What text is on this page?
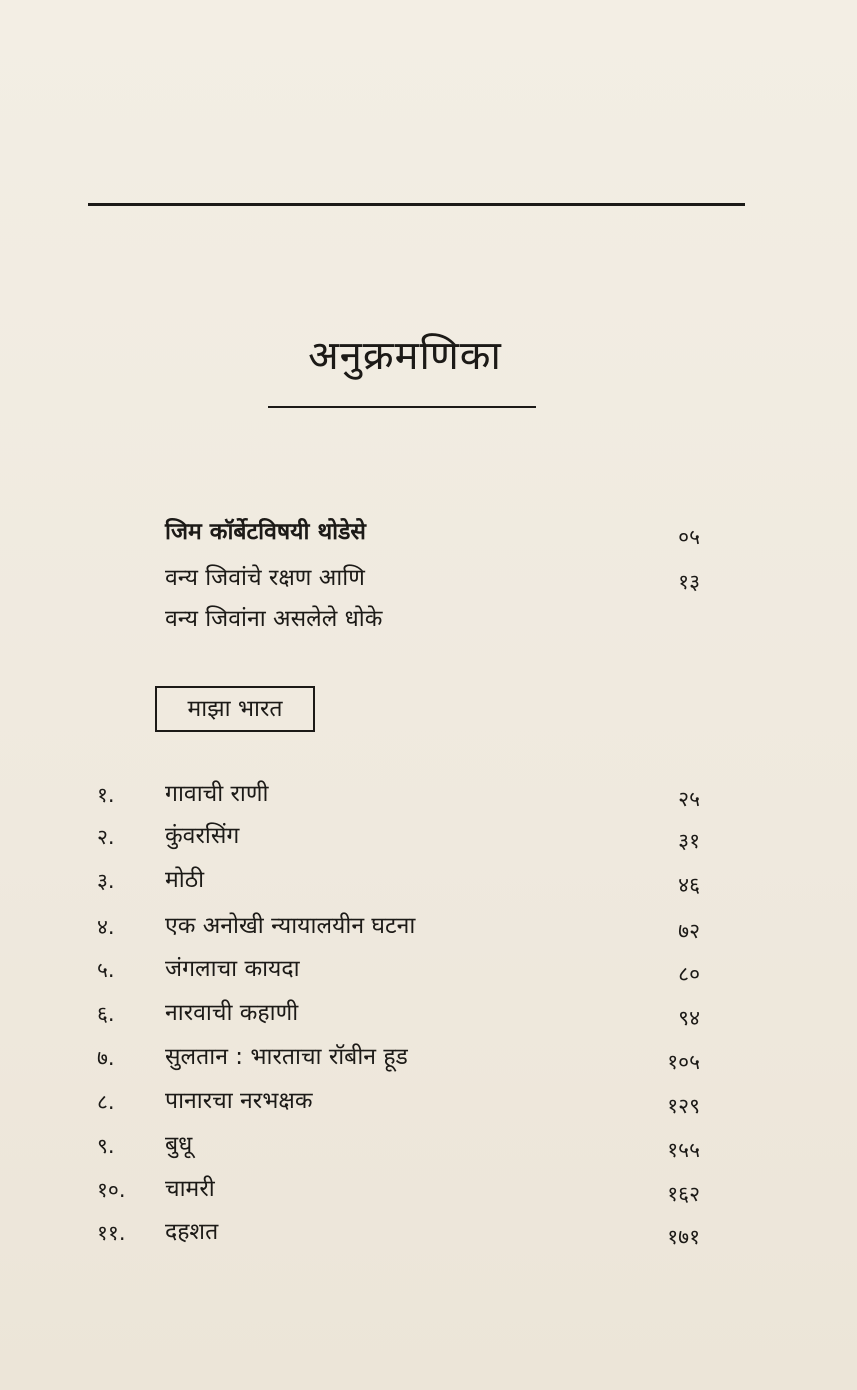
अनुक्रमणिका
जिम कॉर्बेटविषयी थोडेसे	०५
वन्य जिवांचे रक्षण आणि	१३
वन्य जिवांना असलेले धोके
माझा भारत
१.	गावाची राणी	२५
२.	कुंवरसिंग	३१
३.	मोठी	४६
४.	एक अनोखी न्यायालयीन घटना	७२
५.	जंगलाचा कायदा	८०
६.	नारवाची कहाणी	९४
७.	सुलतान : भारताचा रॉबीन हूड	१०५
८.	पानारचा नरभक्षक	१२९
९.	बुधू	१५५
१०.	चामरी	१६२
११.	दहशत	१७१
